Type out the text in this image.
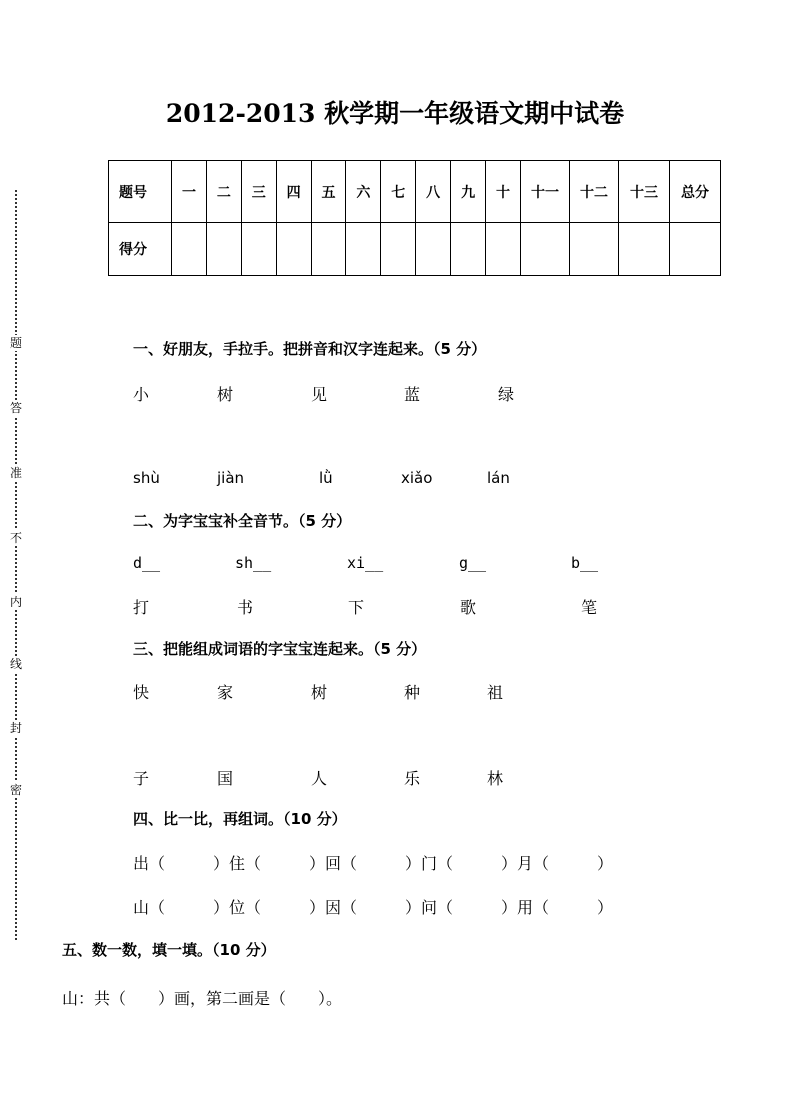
密
封
线
内
不
准
答
题
2012-2013 秋学期一年级语文期中试卷
题号	一	二	三	四	五	六	七	八	九	十	十一	十二	十三	总分
得分														
一、好朋友，手拉手。把拼音和汉字连起来。（5 分）
小	树	见	蓝	绿
shù	jiàn	lǜ	xiǎo	lán
二、为字宝宝补全音节。（5 分）
d__	sh__	xi__	g__	b__
打	书	下	歌	笔
三、把能组成词语的字宝宝连起来。（5 分）
快	家	树	种	祖
子	国	人	乐	林
四、比一比，再组词。（10 分）
出（　　　）住（　　　）回（　　　）门（　　　）月（　　　）
山（　　　）位（　　　）因（　　　）问（　　　）用（　　　）
五、数一数，填一填。（10 分）
山：共（　　）画，第二画是（　　）。
